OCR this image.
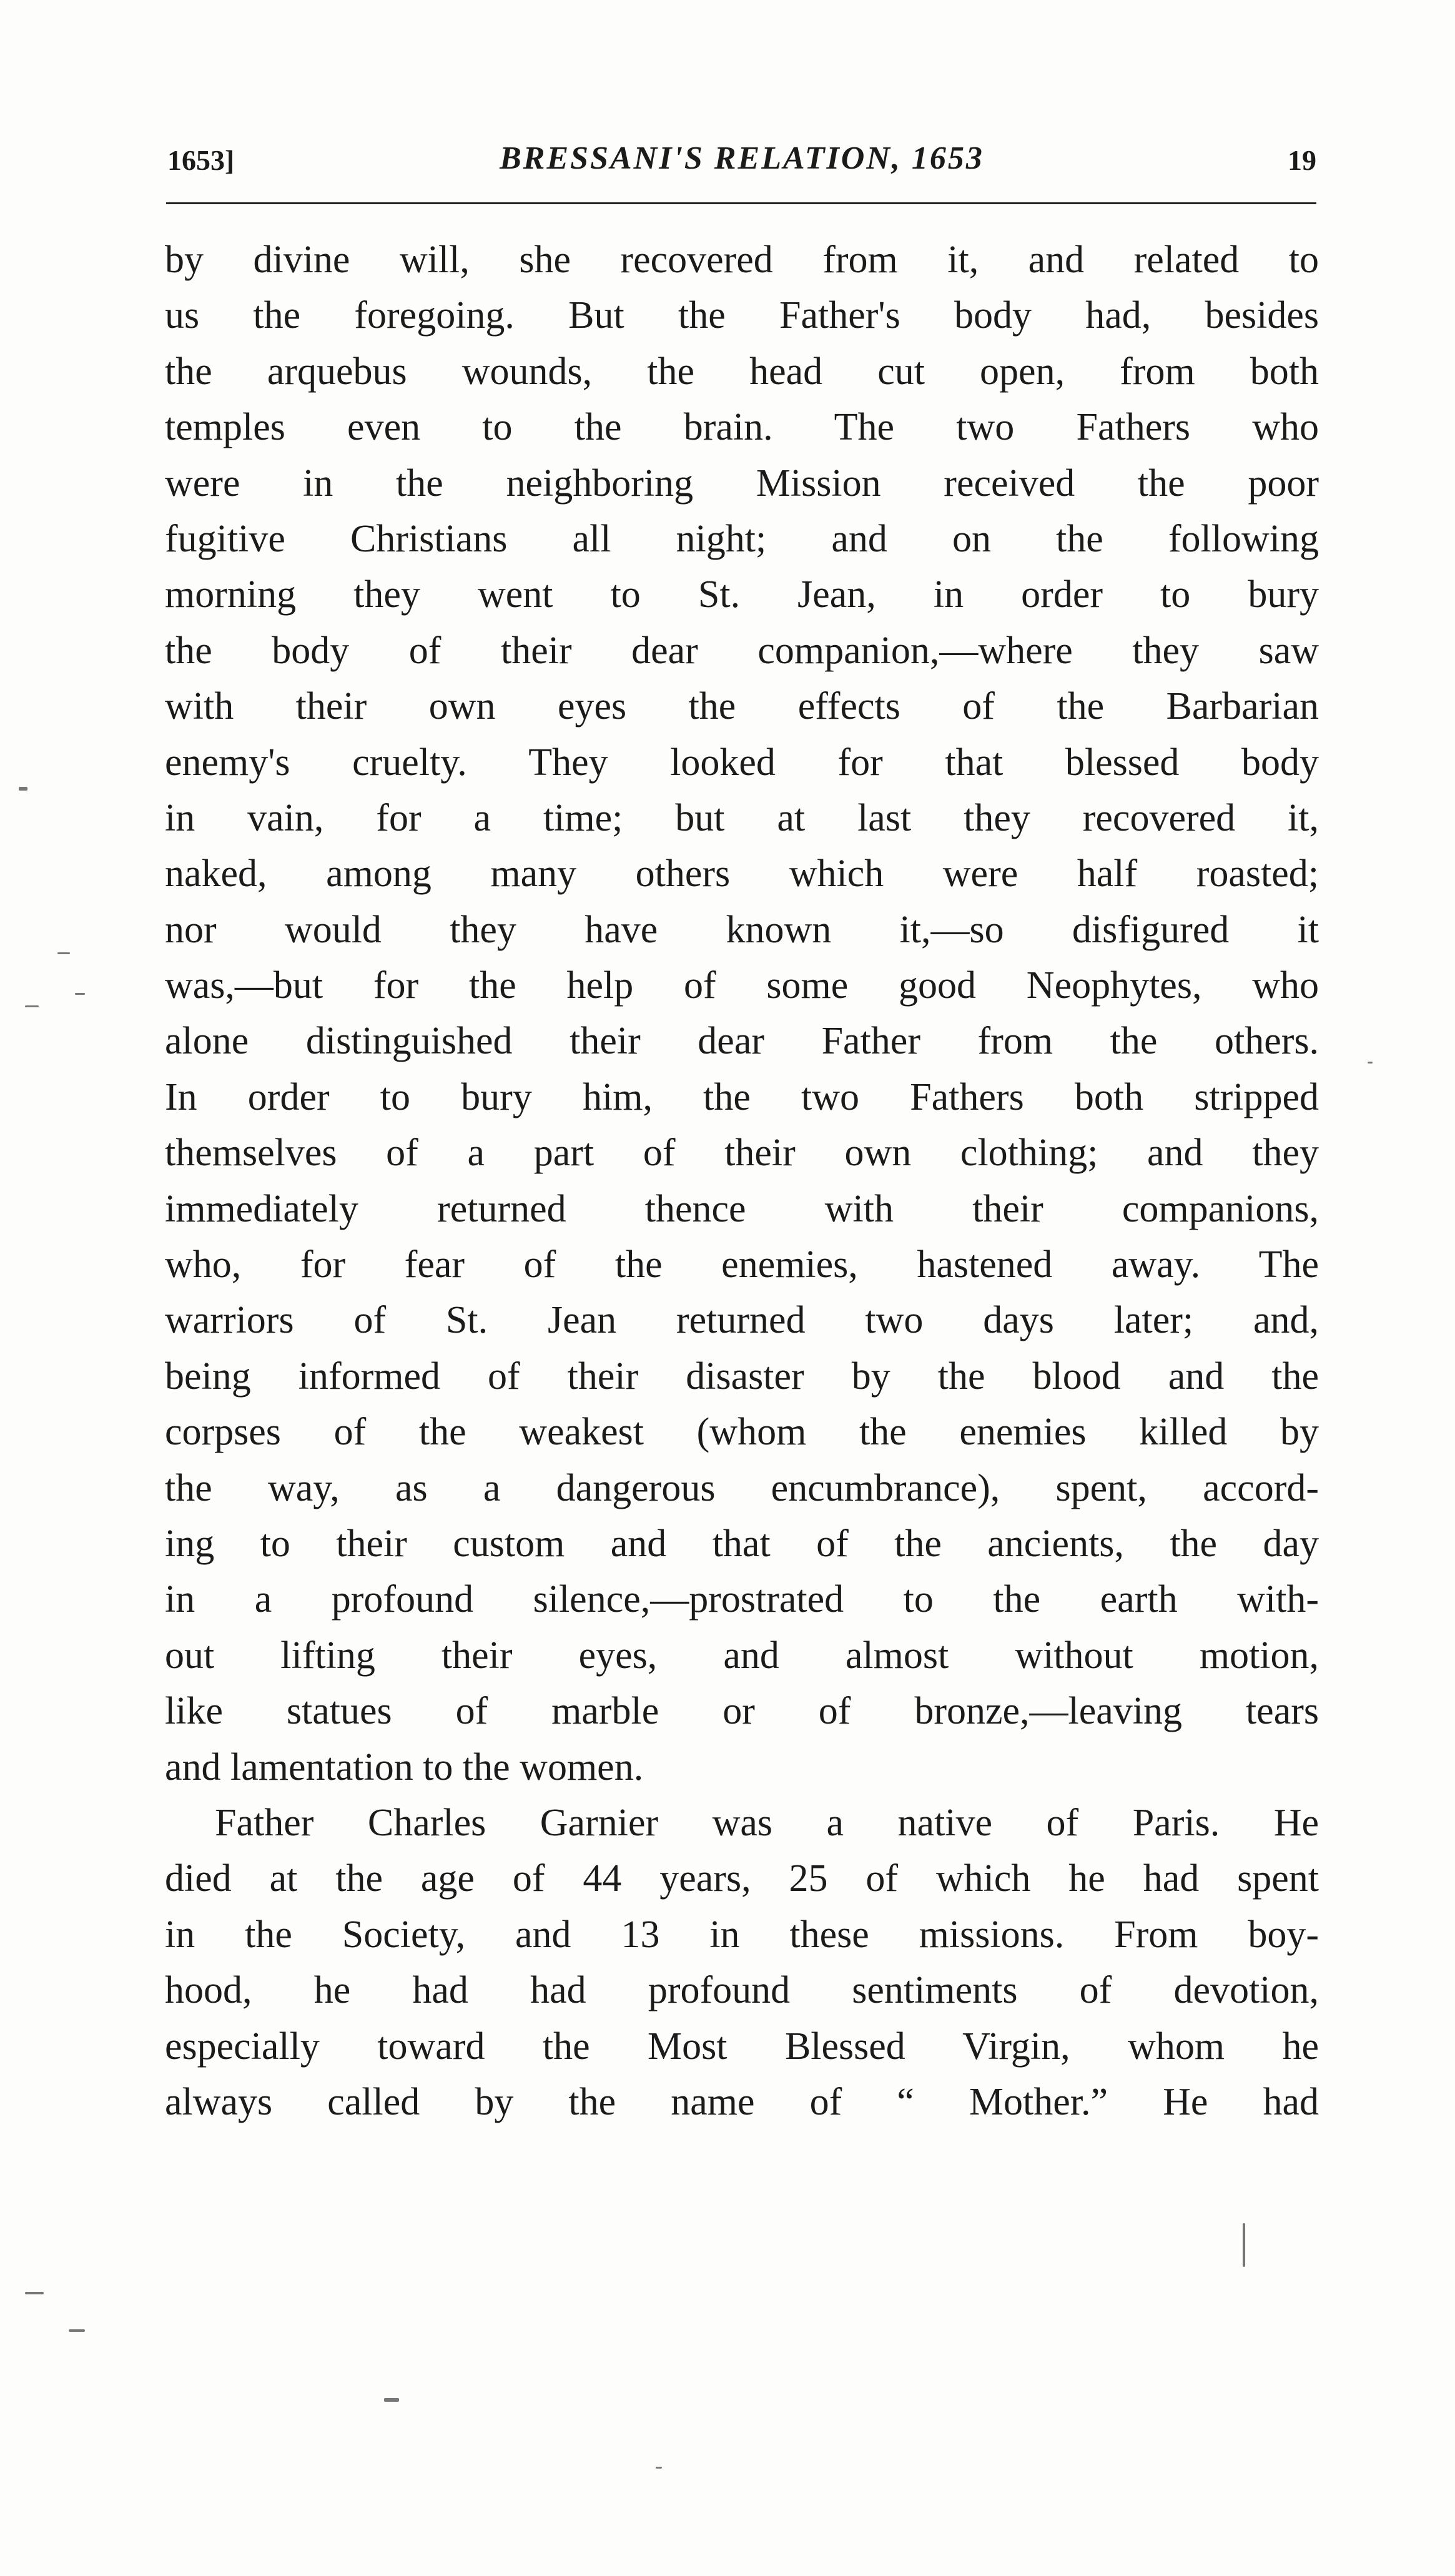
1653]	BRESSANI'S RELATION, 1653	19
by divine will, she recovered from it, and related to
us the foregoing. But the Father's body had, besides
the arquebus wounds, the head cut open, from both
temples even to the brain. The two Fathers who
were in the neighboring Mission received the poor
fugitive Christians all night; and on the following
morning they went to St. Jean, in order to bury
the body of their dear companion,—where they saw
with their own eyes the effects of the Barbarian
enemy's cruelty. They looked for that blessed body
in vain, for a time; but at last they recovered it,
naked, among many others which were half roasted;
nor would they have known it,—so disfigured it
was,—but for the help of some good Neophytes, who
alone distinguished their dear Father from the others.
In order to bury him, the two Fathers both stripped
themselves of a part of their own clothing; and they
immediately returned thence with their companions,
who, for fear of the enemies, hastened away. The
warriors of St. Jean returned two days later; and,
being informed of their disaster by the blood and the
corpses of the weakest (whom the enemies killed by
the way, as a dangerous encumbrance), spent, accord-
ing to their custom and that of the ancients, the day
in a profound silence,—prostrated to the earth with-
out lifting their eyes, and almost without motion,
like statues of marble or of bronze,—leaving tears
and lamentation to the women.
Father Charles Garnier was a native of Paris. He
died at the age of 44 years, 25 of which he had spent
in the Society, and 13 in these missions. From boy-
hood, he had had profound sentiments of devotion,
especially toward the Most Blessed Virgin, whom he
always called by the name of “ Mother.” He had
